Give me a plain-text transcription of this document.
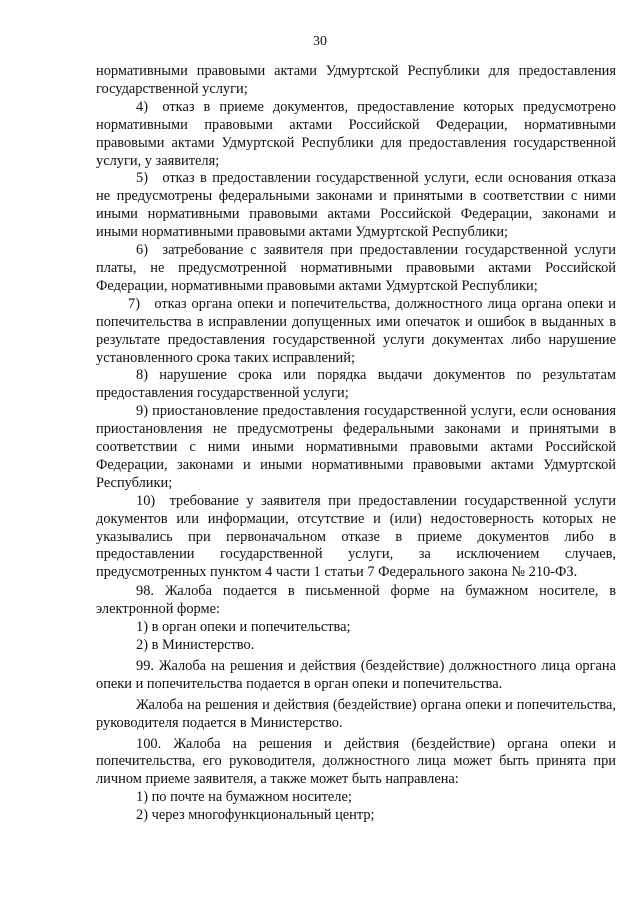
30

нормативными правовыми актами Удмуртской Республики для предоставления государственной услуги;

4) отказ в приеме документов, предоставление которых предусмотрено нормативными правовыми актами Российской Федерации, нормативными правовыми актами Удмуртской Республики для предоставления государственной услуги, у заявителя;

5) отказ в предоставлении государственной услуги, если основания отказа не предусмотрены федеральными законами и принятыми в соответствии с ними иными нормативными правовыми актами Российской Федерации, законами и иными нормативными правовыми актами Удмуртской Республики;

6) затребование с заявителя при предоставлении государственной услуги платы, не предусмотренной нормативными правовыми актами Российской Федерации, нормативными правовыми актами Удмуртской Республики;

7) отказ органа опеки и попечительства, должностного лица органа опеки и попечительства в исправлении допущенных ими опечаток и ошибок в выданных в результате предоставления государственной услуги документах либо нарушение установленного срока таких исправлений;

8) нарушение срока или порядка выдачи документов по результатам предоставления государственной услуги;

9) приостановление предоставления государственной услуги, если основания приостановления не предусмотрены федеральными законами и принятыми в соответствии с ними иными нормативными правовыми актами Российской Федерации, законами и иными нормативными правовыми актами Удмуртской Республики;

10) требование у заявителя при предоставлении государственной услуги документов или информации, отсутствие и (или) недостоверность которых не указывались при первоначальном отказе в приеме документов либо в предоставлении государственной услуги, за исключением случаев, предусмотренных пунктом 4 части 1 статьи 7 Федерального закона № 210-ФЗ.

98. Жалоба подается в письменной форме на бумажном носителе, в электронной форме:

1) в орган опеки и попечительства;

2) в Министерство.

99. Жалоба на решения и действия (бездействие) должностного лица органа опеки и попечительства подается в орган опеки и попечительства.

Жалоба на решения и действия (бездействие) органа опеки и попечительства, руководителя подается в Министерство.

100. Жалоба на решения и действия (бездействие) органа опеки и попечительства, его руководителя, должностного лица может быть принята при личном приеме заявителя, а также может быть направлена:

1) по почте на бумажном носителе;

2) через многофункциональный центр;
